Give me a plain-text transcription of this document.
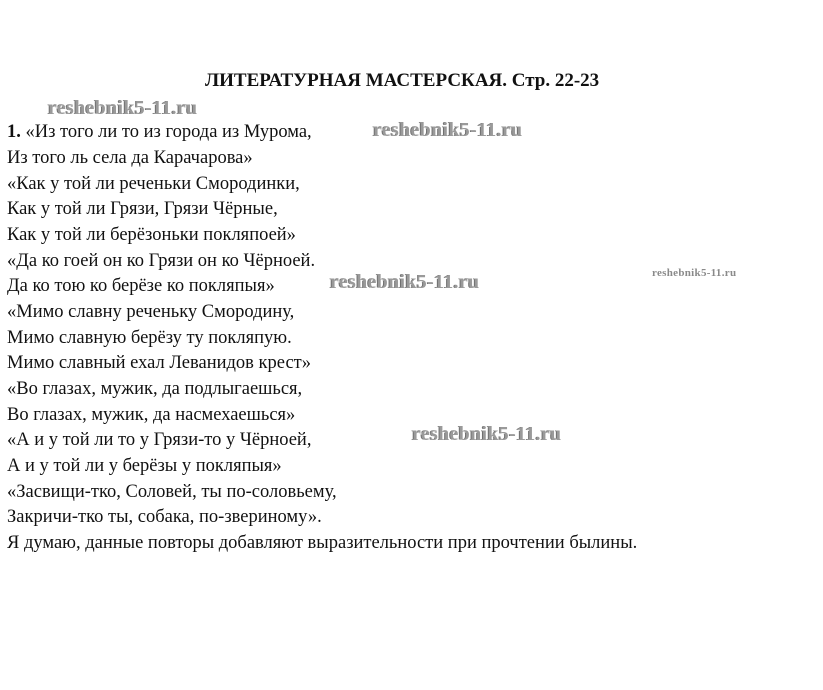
ЛИТЕРАТУРНАЯ МАСТЕРСКАЯ. Стр. 22-23
1. «Из того ли то из города из Мурома,
Из того ль села да Карачарова»
«Как у той ли реченьки Смородинки,
Как у той ли Грязи, Грязи Чёрные,
Как у той ли берёзоньки покляпоей»
«Да ко гоей он ко Грязи он ко Чёрноей.
Да ко тою ко берёзе ко покляпыя»
«Мимо славну реченьку Смородину,
Мимо славную берёзу ту покляпую.
Мимо славный ехал Леванидов крест»
«Во глазах, мужик, да подлыгаешься,
Во глазах, мужик, да насмехаешься»
«А и у той ли то у Грязи-то у Чёрноей,
А и у той ли у берёзы у покляпыя»
«Засвищи-тко, Соловей, ты по-соловьему,
Закричи-тко ты, собака, по-звериному».
Я думаю, данные повторы добавляют выразительности при прочтении былины.
reshebnik5-11.ru
reshebnik5-11.ru
reshebnik5-11.ru	reshebnik5-11.ru
reshebnik5-11.ru
